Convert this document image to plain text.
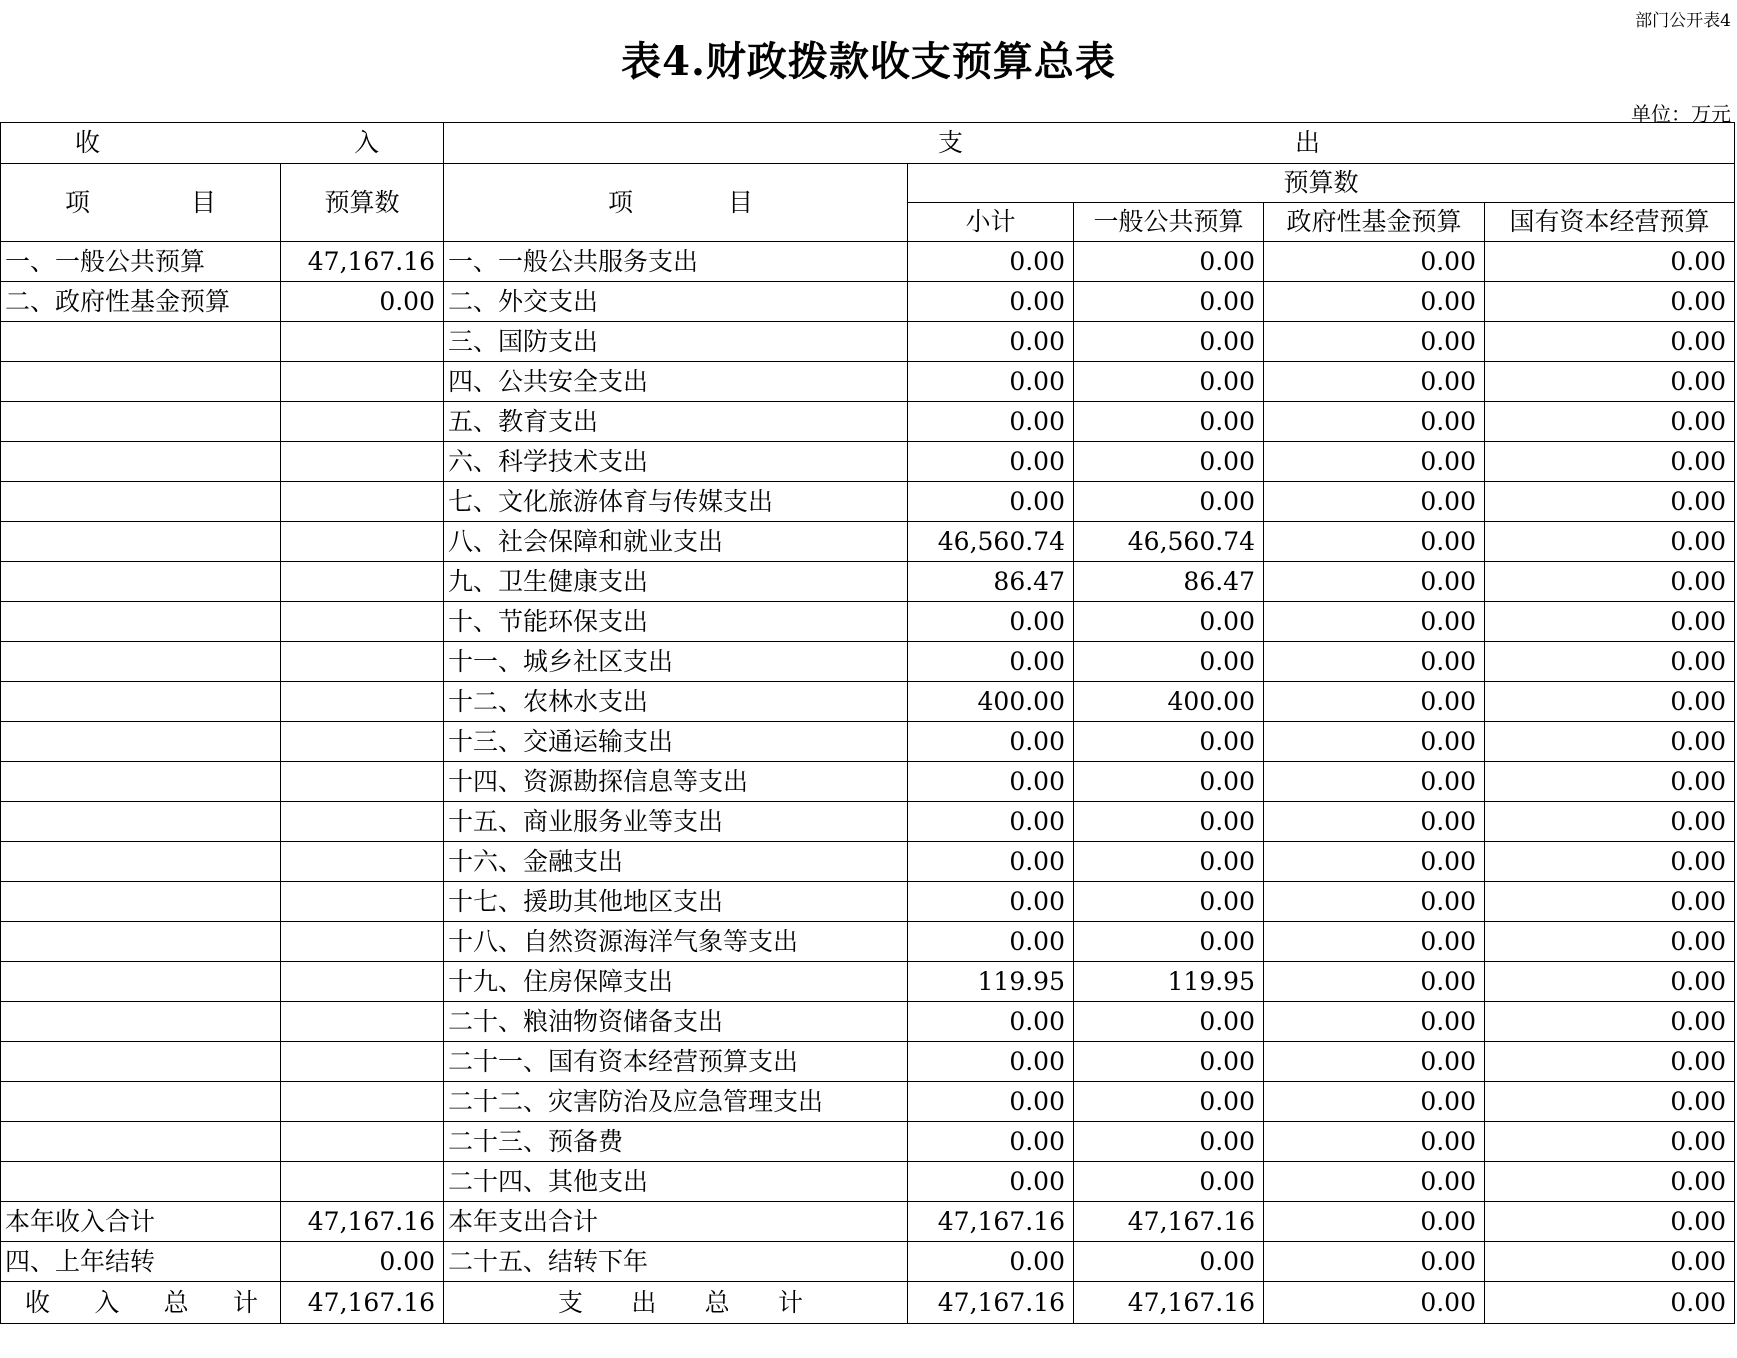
部门公开表4
表4.财政拨款收支预算总表
单位：万元
收 入		支 出				

项 目	预算数	项 目	预算数			
			小计	一般公共预算	政府性基金预算	国有资本经营预算
一、一般公共预算	47,167.16	一、一般公共服务支出	0.00	0.00	0.00	0.00
二、政府性基金预算	0.00	二、外交支出	0.00	0.00	0.00	0.00
		三、国防支出	0.00	0.00	0.00	0.00
		四、公共安全支出	0.00	0.00	0.00	0.00
		五、教育支出	0.00	0.00	0.00	0.00
		六、科学技术支出	0.00	0.00	0.00	0.00
		七、文化旅游体育与传媒支出	0.00	0.00	0.00	0.00
		八、社会保障和就业支出	46,560.74	46,560.74	0.00	0.00
		九、卫生健康支出	86.47	86.47	0.00	0.00
		十、节能环保支出	0.00	0.00	0.00	0.00
		十一、城乡社区支出	0.00	0.00	0.00	0.00
		十二、农林水支出	400.00	400.00	0.00	0.00
		十三、交通运输支出	0.00	0.00	0.00	0.00
		十四、资源勘探信息等支出	0.00	0.00	0.00	0.00
		十五、商业服务业等支出	0.00	0.00	0.00	0.00
		十六、金融支出	0.00	0.00	0.00	0.00
		十七、援助其他地区支出	0.00	0.00	0.00	0.00
		十八、自然资源海洋气象等支出	0.00	0.00	0.00	0.00
		十九、住房保障支出	119.95	119.95	0.00	0.00
		二十、粮油物资储备支出	0.00	0.00	0.00	0.00
		二十一、国有资本经营预算支出	0.00	0.00	0.00	0.00
		二十二、灾害防治及应急管理支出	0.00	0.00	0.00	0.00
		二十三、预备费	0.00	0.00	0.00	0.00
		二十四、其他支出	0.00	0.00	0.00	0.00
本年收入合计	47,167.16	本年支出合计	47,167.16	47,167.16	0.00	0.00
四、上年结转	0.00	二十五、结转下年	0.00	0.00	0.00	0.00

收 入 总 计	47,167.16	支 出 总 计	47,167.16	47,167.16	0.00	0.00
